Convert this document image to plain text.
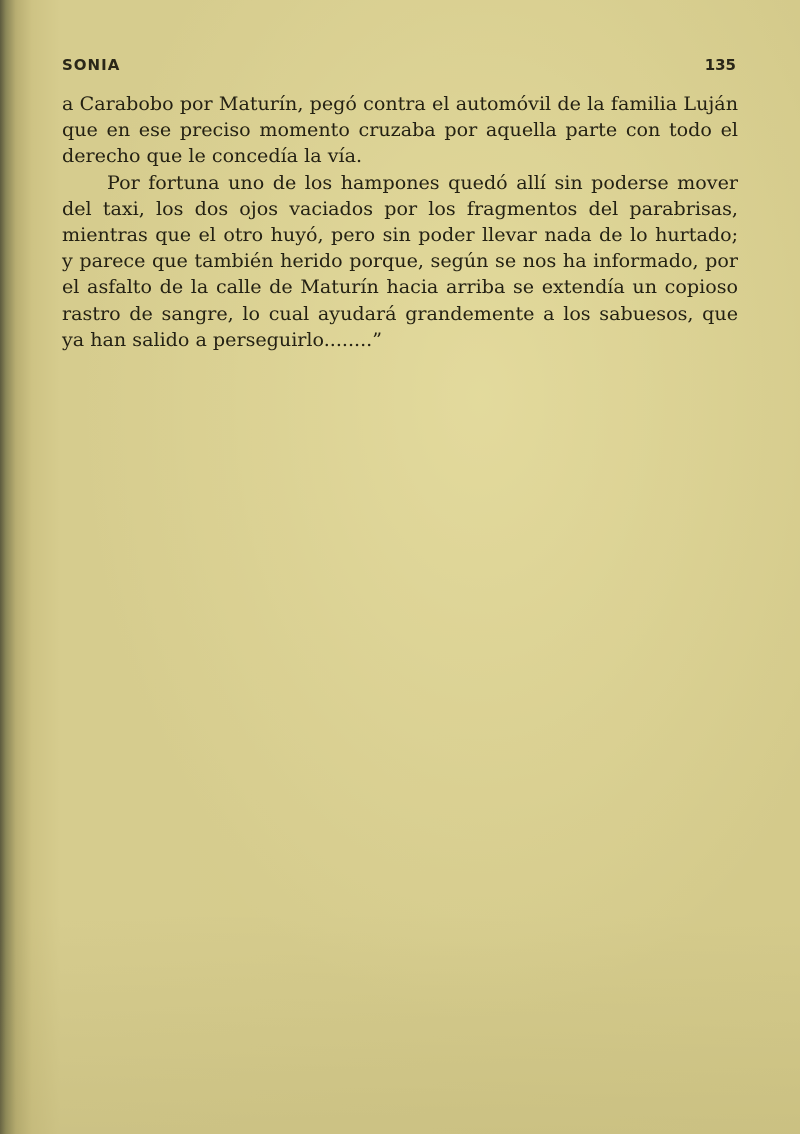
SONIA	135

a Carabobo por Maturín, pegó contra el automóvil de la familia Luján que en ese preciso momento cruzaba por aquella parte con todo el derecho que le concedía la vía.

Por fortuna uno de los hampones quedó allí sin poderse mover del taxi, los dos ojos vaciados por los fragmentos del parabrisas, mientras que el otro huyó, pero sin poder llevar nada de lo hurtado; y parece que también herido porque, según se nos ha informado, por el asfalto de la calle de Maturín hacia arriba se extendía un copioso rastro de sangre, lo cual ayudará grandemente a los sabuesos, que ya han salido a perseguirlo........”
